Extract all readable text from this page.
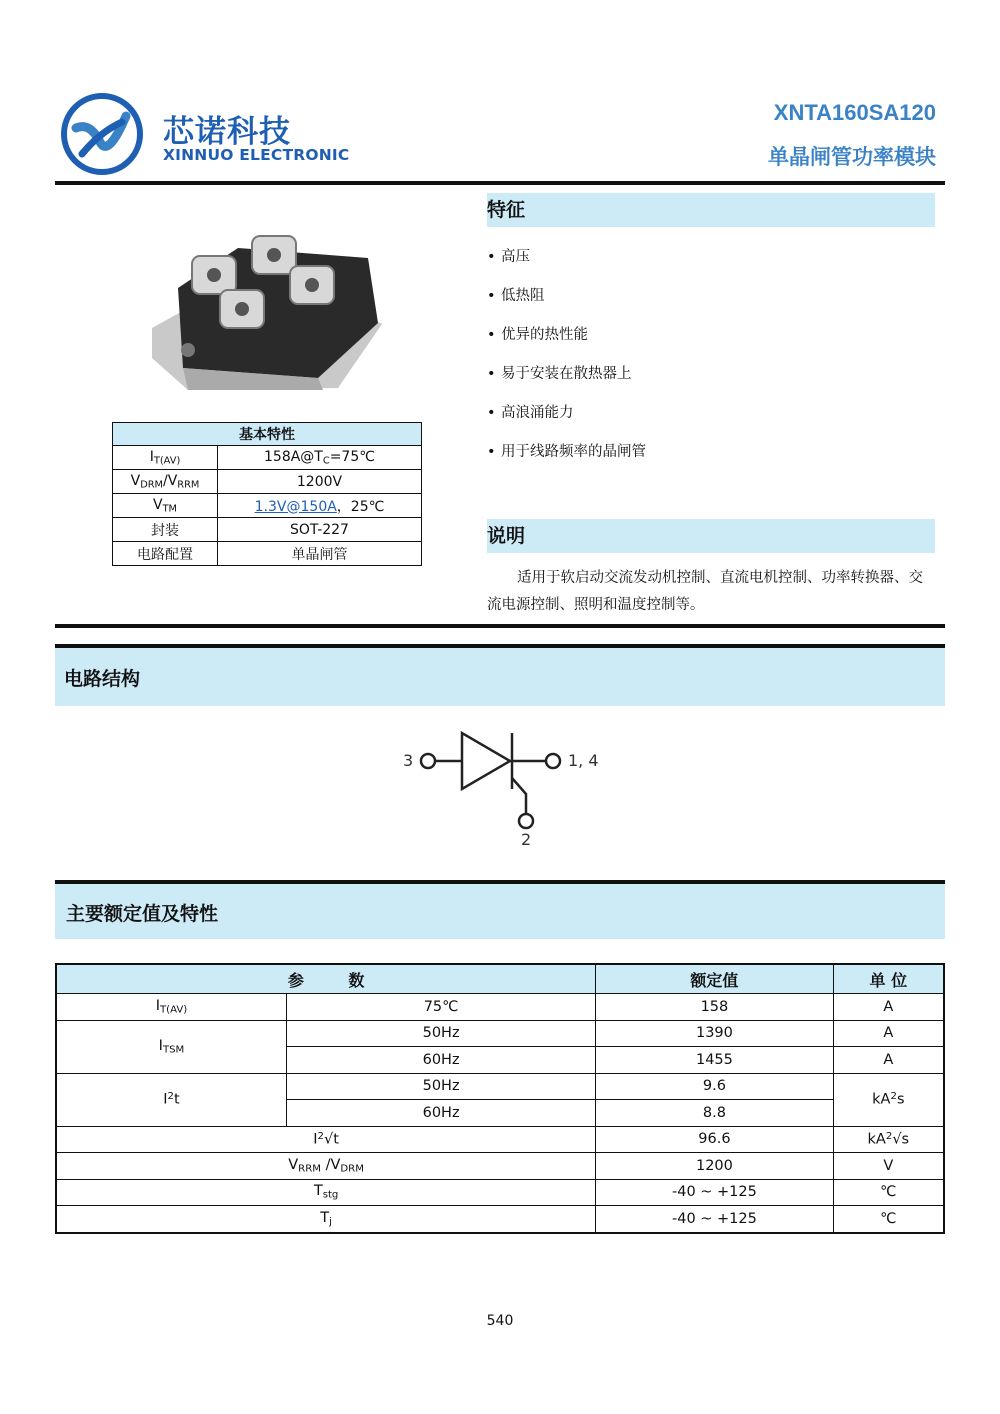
芯诺科技
XINNUO ELECTRONIC
XNTA160SA120
单晶闸管功率模块
基本特性	
$I_{T(AV)}$	$158A@T_C=75℃$
$V_{DRM}/V_{RRM}$	1200V
$V_{TM}$	1.3V@150A，25℃
封装	SOT-227
电路配置	单晶闸管
特征
• 高压
• 低热阻
• 优异的热性能
• 易于安装在散热器上
• 高浪涌能力
• 用于线路频率的晶闸管
说明
适用于软启动交流发动机控制、直流电机控制、功率转换器、交流电源控制、照明和温度控制等。
电路结构
3	1, 4
2
主要额定值及特性
参        数		额定值	单 位
$I_{T(AV)}$	75℃	158	A
$I_{TSM}$	50Hz	1390	A
	60Hz	1455	A
$I^2t$	50Hz	9.6	$kA^2s$
	60Hz	8.8	
$I^2√t$		96.6	$kA^2√s$
$V_{RRM}$ $/V_{DRM}$		1200	V
$T_{stg}$		-40 ~ +125	℃
$T_j$		-40 ~ +125	℃
540
